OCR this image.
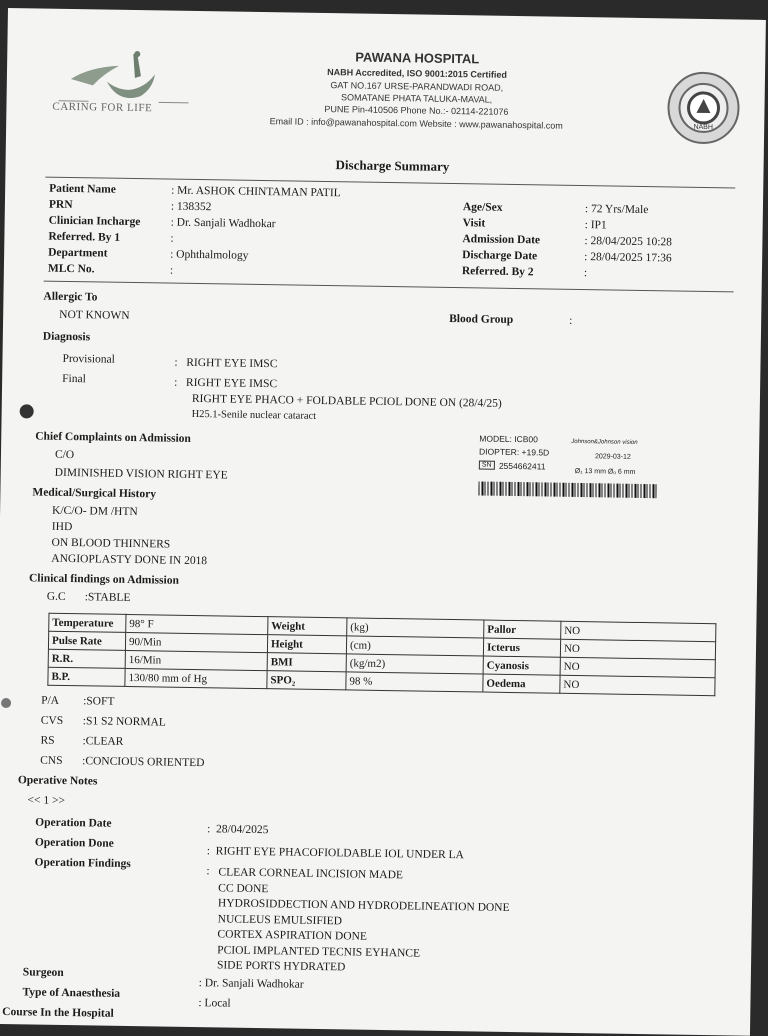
CARING FOR LIFE
NABH
PAWANA HOSPITAL
NABH Accredited, ISO 9001:2015 Certified
GAT NO.167 URSE-PARANDWADI ROAD,
SOMATANE PHATA TALUKA-MAVAL,
PUNE Pin-410506 Phone No.:- 02114-221076
Email ID : info@pawanahospital.com Website : www.pawanahospital.com
Discharge Summary
Patient Name	: Mr. ASHOK CHINTAMAN PATIL
PRN	: 138352
Clinician Incharge	: Dr. Sanjali Wadhokar
Referred. By 1	:
Department	: Ophthalmology
MLC No.	:
Age/Sex	: 72 Yrs/Male
Visit	: IP1
Admission Date	: 28/04/2025 10:28
Discharge Date	: 28/04/2025 17:36
Referred. By 2	:
Allergic To
NOT KNOWN	Blood Group	:
Diagnosis
Provisional	:   RIGHT EYE IMSC
Final	:   RIGHT EYE IMSC
RIGHT EYE PHACO + FOLDABLE PCIOL DONE ON (28/4/25)
H25.1-Senile nuclear cataract
MODEL: ICB00	Johnson&Johnson vision
DIOPTER: +19.5D	2029-03-12
SN 2554662411
Ø₁ 13 mm Øₒ 6 mm
Chief Complaints on Admission
C/O
DIMINISHED VISION RIGHT EYE
Medical/Surgical History
K/C/O- DM /HTN
IHD
ON BLOOD THINNERS
ANGIOPLASTY DONE IN 2018
Clinical findings on Admission
G.C :STABLE
Temperature	98° F	Weight	(kg)	Pallor	NO
Pulse Rate	90/Min	Height	(cm)	Icterus	NO
R.R.	16/Min	BMI	(kg/m2)	Cyanosis	NO
B.P.	130/80 mm of Hg	SPO₂	98 %	Oedema	NO
P/A :SOFT
CVS :S1 S2 NORMAL
RS :CLEAR
CNS :CONCIOUS ORIENTED
Operative Notes
<< 1 >>
Operation Date	:  28/04/2025
Operation Done
:  RIGHT EYE PHACOFIOLDABLE IOL UNDER LA
Operation Findings
: CLEAR CORNEAL INCISION MADE
CC DONE
HYDROSIDDECTION AND HYDRODELINEATION DONE
NUCLEUS EMULSIFIED
CORTEX ASPIRATION DONE
PCIOL IMPLANTED TECNIS EYHANCE
SIDE PORTS HYDRATED
Surgeon
: Dr. Sanjali Wadhokar
Type of Anaesthesia
: Local
Course In the Hospital
